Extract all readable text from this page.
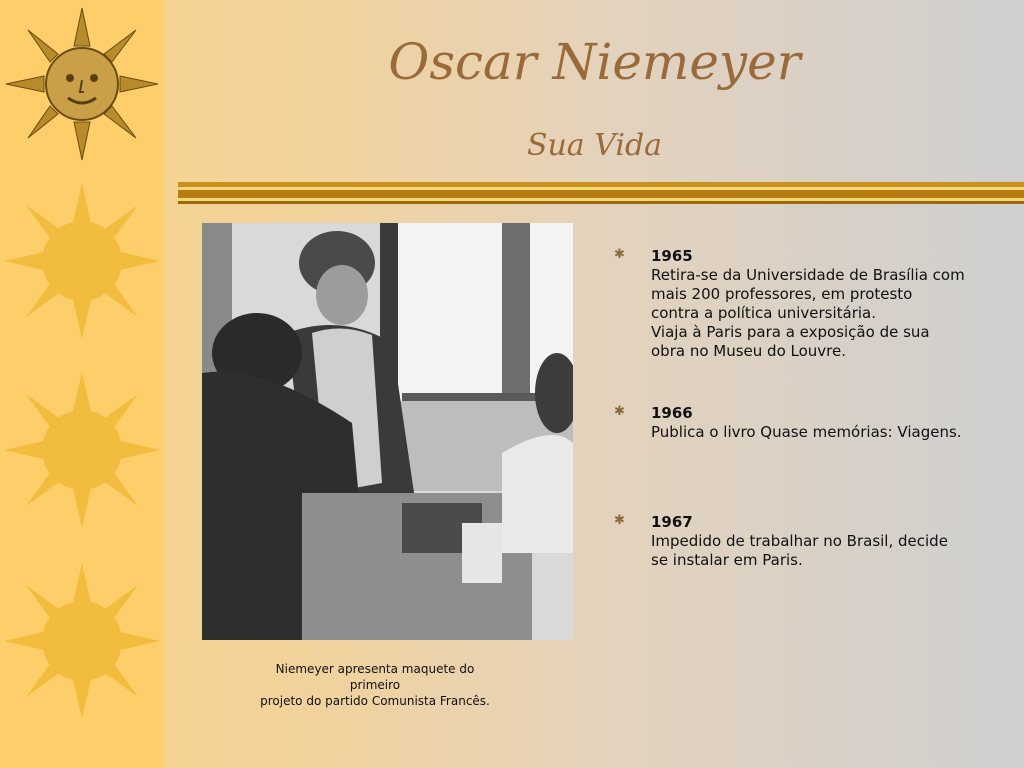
Oscar Niemeyer
Sua Vida
Niemeyer apresenta maquete do
primeiro
projeto do partido Comunista Francês.
✱ 1965
Retira-se da Universidade de Brasília com
mais 200 professores, em protesto
contra a política universitária.
Viaja à Paris para a exposição de sua
obra no Museu do Louvre.
✱ 1966
Publica o livro Quase memórias: Viagens.
✱ 1967
Impedido de trabalhar no Brasil, decide
se instalar em Paris.
